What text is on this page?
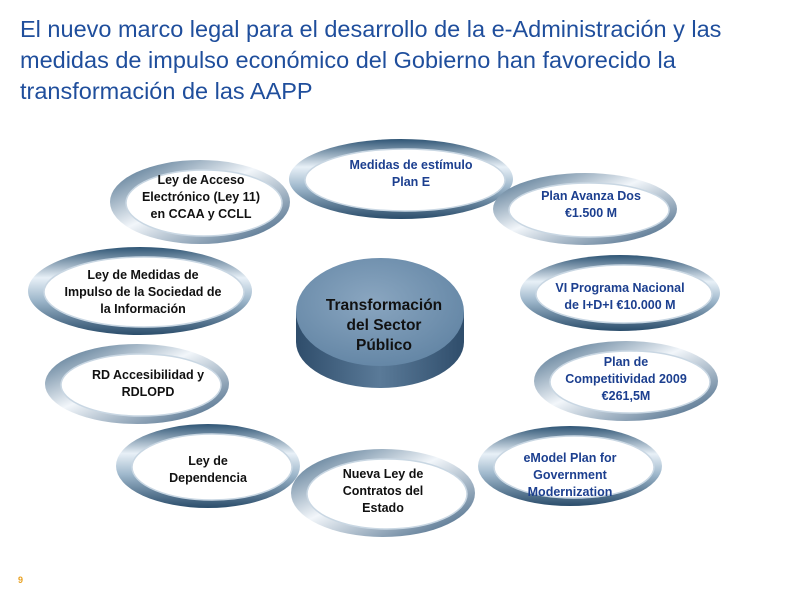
El nuevo marco legal para el desarrollo de la e-Administración y las medidas de impulso económico del Gobierno han favorecido la transformación de las AAPP
Transformación
del Sector
Público
Medidas de estímulo
Plan E
Plan Avanza Dos
€1.500 M
VI Programa Nacional
de I+D+I €10.000 M
Plan de
Competitividad 2009
€261,5M
eModel Plan for
Government
Modernization
Nueva Ley de
Contratos del
Estado
Ley de
Dependencia
RD Accesibilidad y
RDLOPD
Ley de Medidas de
Impulso de la Sociedad de
la Información
Ley de Acceso
Electrónico (Ley 11)
en CCAA y CCLL
9
